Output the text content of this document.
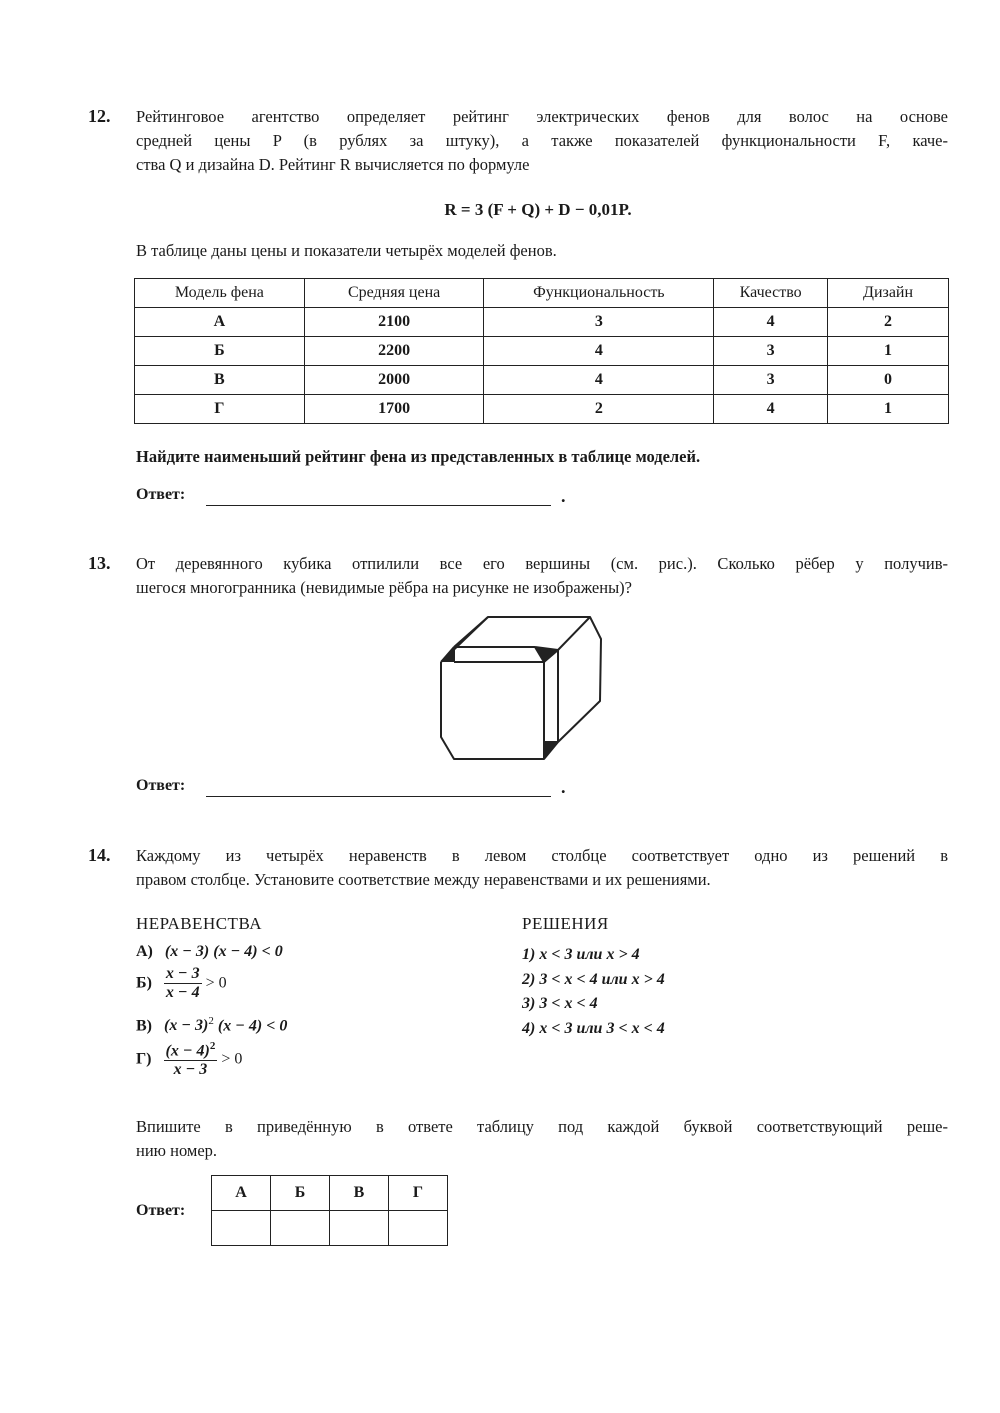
12. Рейтинговое агентство определяет рейтинг электрических фенов для волос на основе
средней цены P (в рублях за штуку), а также показателей функциональности F, каче-
ства Q и дизайна D. Рейтинг R вычисляется по формуле
R = 3 (F + Q) + D − 0,01P.
В таблице даны цены и показатели четырёх моделей фенов.
Модель фена	Средняя цена	Функциональность	Качество	Дизайн
А	2100	3	4	2
Б	2200	4	3	1
В	2000	4	3	0
Г	1700	2	4	1
Найдите наименьший рейтинг фена из представленных в таблице моделей.
Ответ:	.
13. От деревянного кубика отпилили все его вершины (см. рис.). Сколько рёбер у получив-
шегося многогранника (невидимые рёбра на рисунке не изображены)?
Ответ:	.
14. Каждому из четырёх неравенств в левом столбце соответствует одно из решений в
правом столбце. Установите соответствие между неравенствами и их решениями.
НЕРАВЕНСТВА	РЕШЕНИЯ
А) (x − 3) (x − 4) < 0
$Б) \frac{x - 3}{x - 4} > 0$
В) $(x - 3)^2$ (x − 4) < 0
$Г) \frac{(x - 4)^2}{x - 3} > 0$
1) x < 3 или x > 4
2) 3 < x < 4 или x > 4
3) 3 < x < 4
4) x < 3 или 3 < x < 4
Впишите в приведённую в ответе таблицу под каждой буквой соответствующий реше-
нию номер.
Ответ:
А	Б	В	Г
